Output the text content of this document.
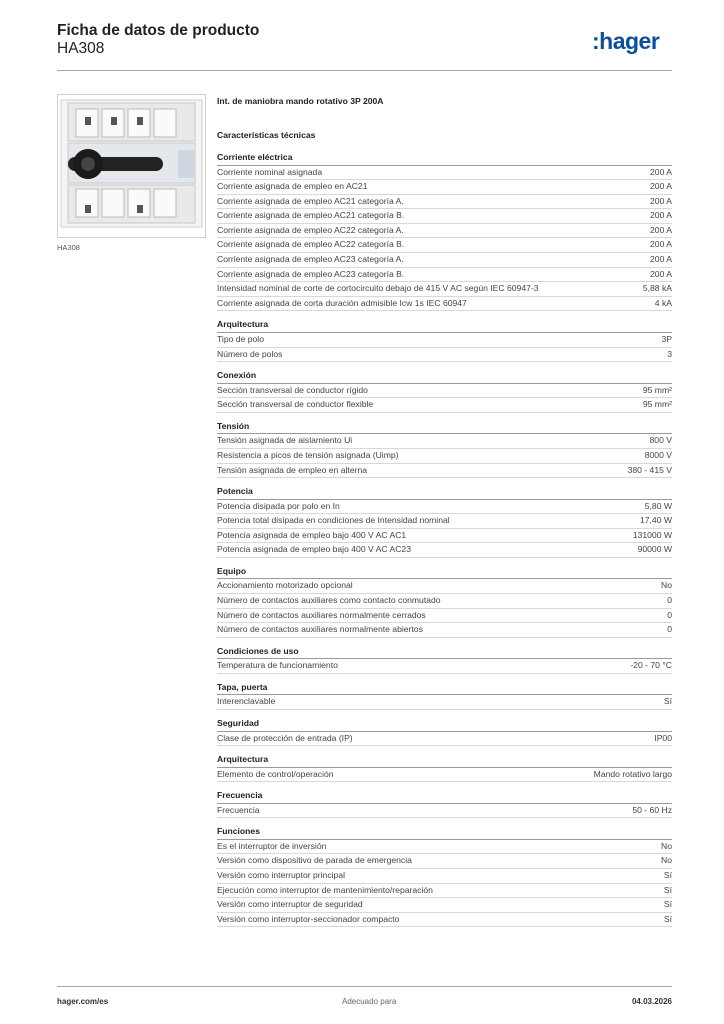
Ficha de datos de producto
HA308	:hager
HA308
Int. de maniobra mando rotativo 3P 200A
Características técnicas
Corriente eléctrica
Corriente nominal asignada	200 A
Corriente asignada de empleo en AC21	200 A
Corriente asignada de empleo AC21 categoría A.	200 A
Corriente asignada de empleo AC21 categoría B.	200 A
Corriente asignada de empleo AC22 categoría A.	200 A
Corriente asignada de empleo AC22 categoría B.	200 A
Corriente asignada de empleo AC23 categoría A.	200 A
Corriente asignada de empleo AC23 categoría B.	200 A
Intensidad nominal de corte de cortocircuito debajo de 415 V AC según IEC 60947-3	5,88 kA
Corriente asignada de corta duración admisible Icw 1s IEC 60947	4 kA
Arquitectura
Tipo de polo	3P
Número de polos	3
Conexión
Sección transversal de conductor rígido	95 mm²
Sección transversal de conductor flexible	95 mm²
Tensión
Tensión asignada de aislamiento Ui	800 V
Resistencia a picos de tensión asignada (Uimp)	8000 V
Tensión asignada de empleo en alterna	380 - 415 V
Potencia
Potencia disipada por polo en In	5,80 W
Potencia total disipada en condiciones de Intensidad nominal	17,40 W
Potencia asignada de empleo bajo 400 V AC AC1	131000 W
Potencia asignada de empleo bajo 400 V AC AC23	90000 W
Equipo
Accionamiento motorizado opcional	No
Número de contactos auxiliares como contacto conmutado	0
Número de contactos auxiliares normalmente cerrados	0
Número de contactos auxiliares normalmente abiertos	0
Condiciones de uso
Temperatura de funcionamiento	-20 - 70 °C
Tapa, puerta
Interenclavable	Sí
Seguridad
Clase de protección de entrada (IP)	IP00
Arquitectura
Elemento de control/operación	Mando rotativo largo
Frecuencia
Frecuencia	50 - 60 Hz
Funciones
Es el interruptor de inversión	No
Versión como dispositivo de parada de emergencia	No
Versión como interruptor principal	Sí
Ejecución como interruptor de mantenimiento/reparación	Sí
Versión como interruptor de seguridad	Sí
Versión como interruptor-seccionador compacto	Sí
hager.com/es	Adecuado para	04.03.2026
